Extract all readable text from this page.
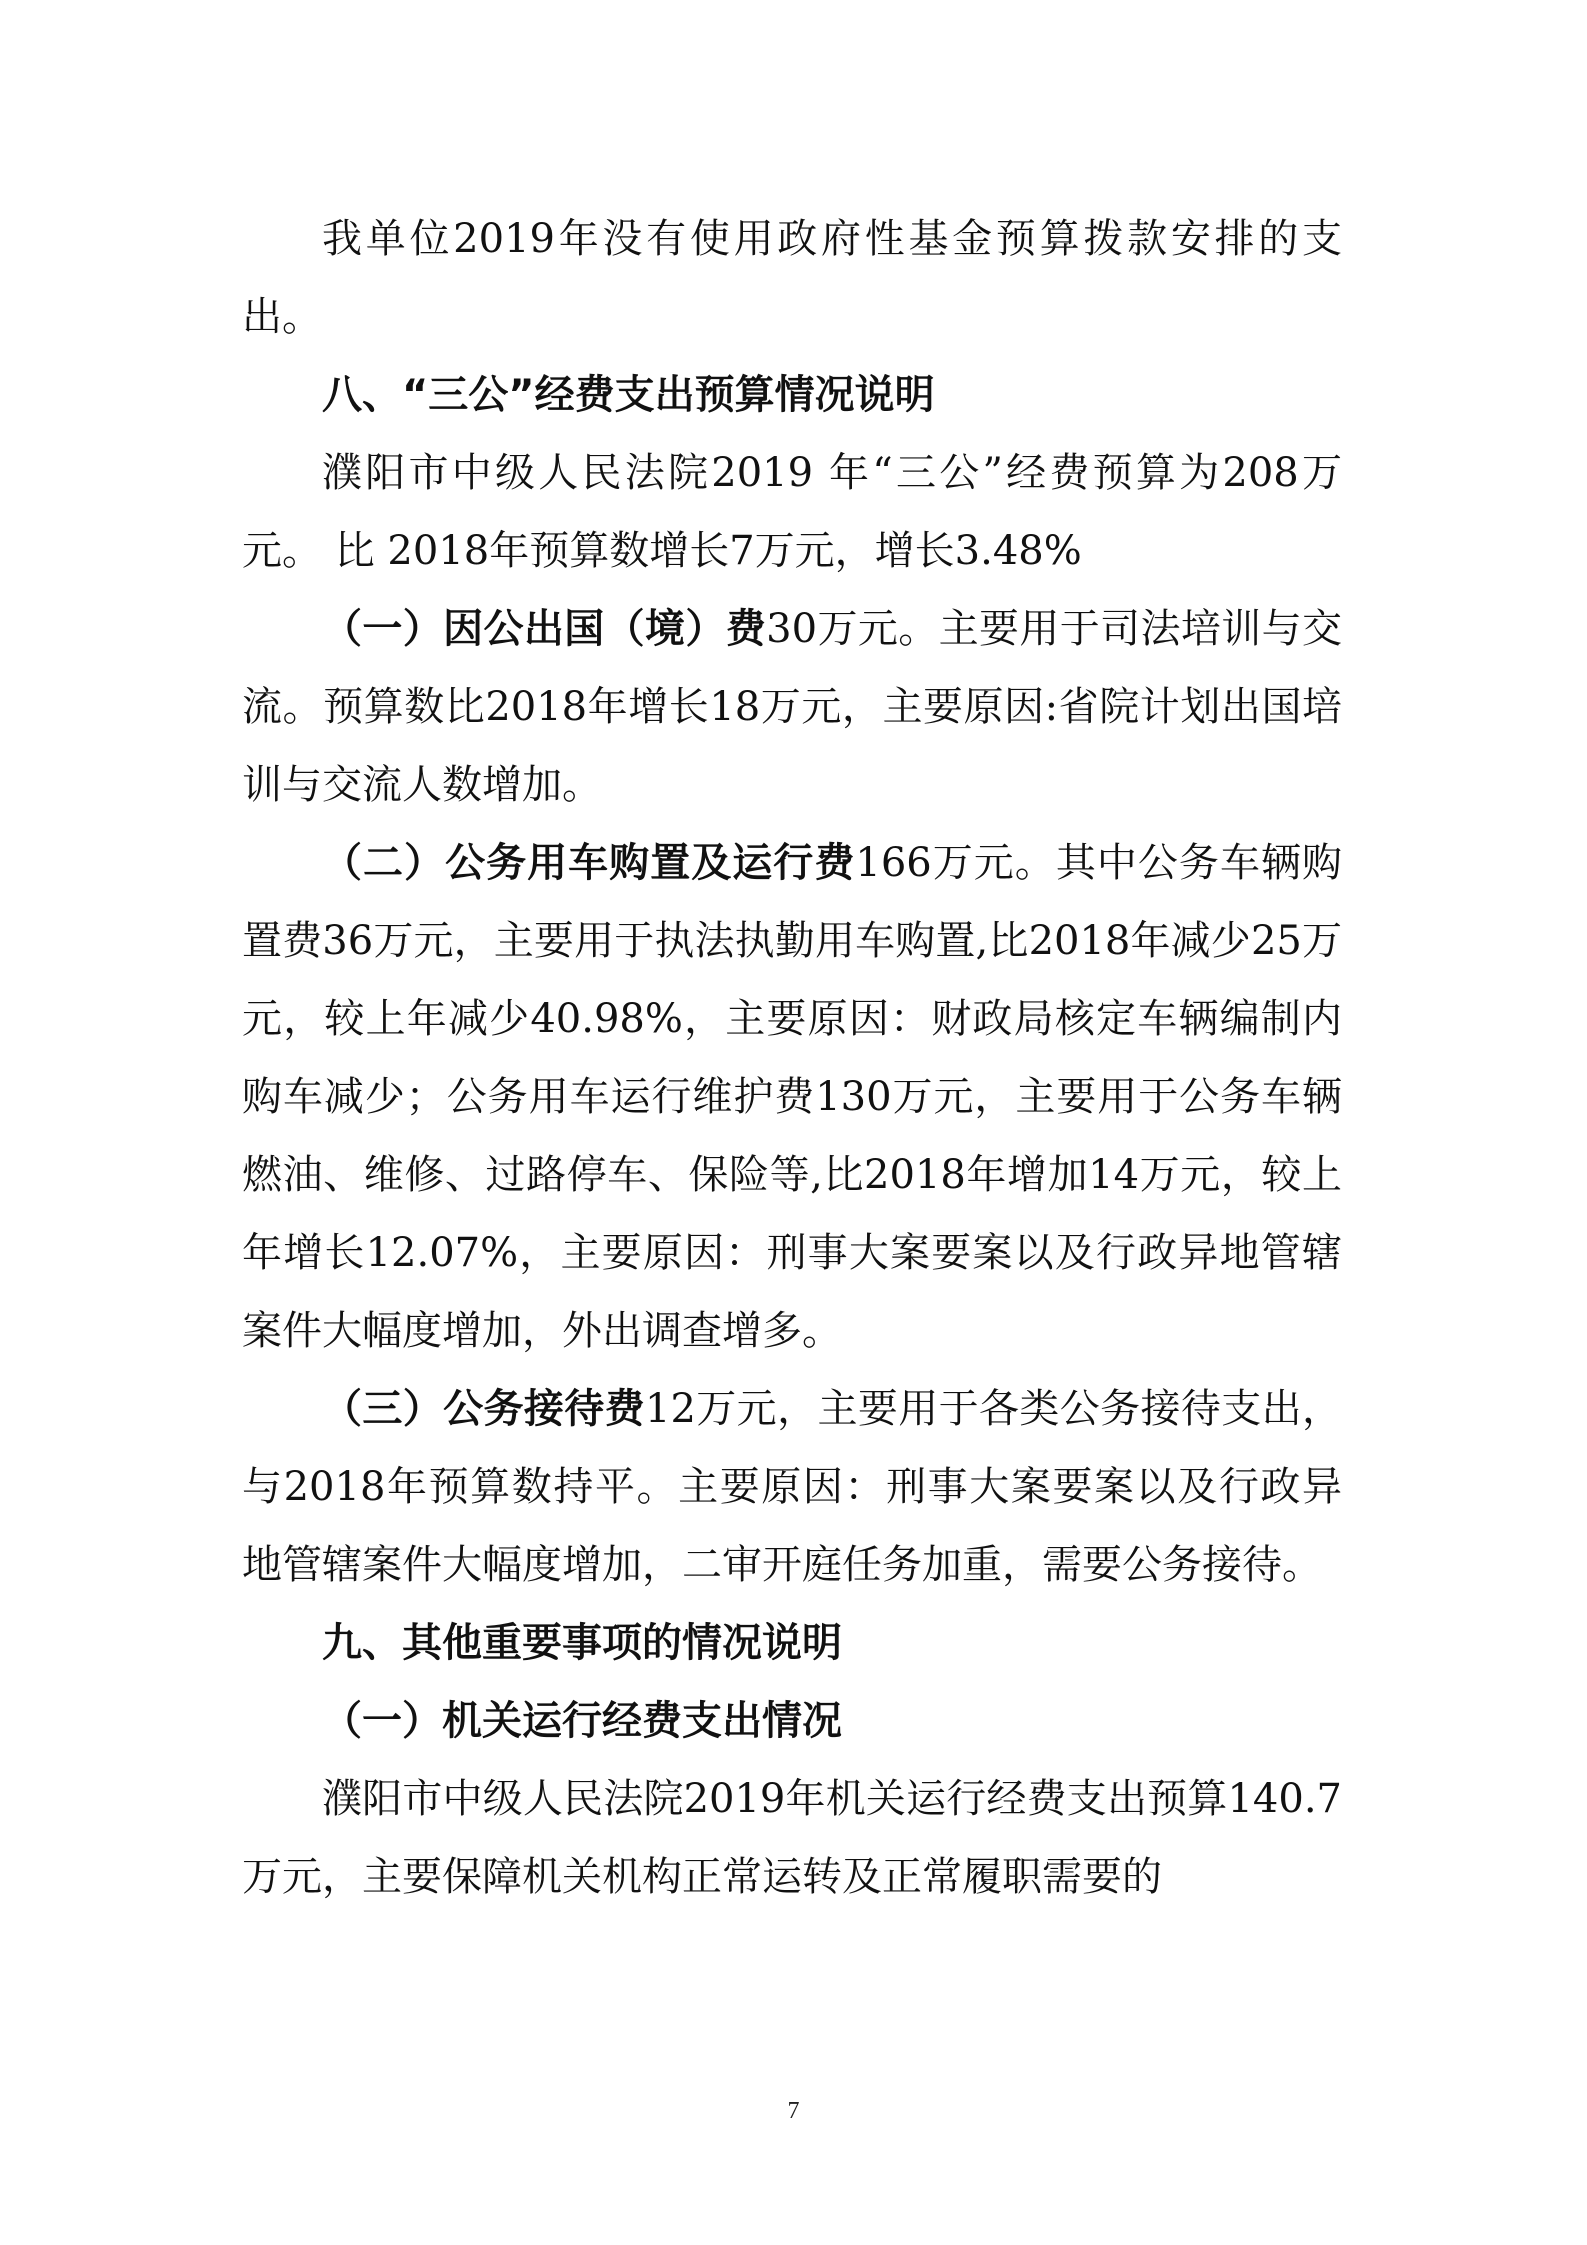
我单位2019年没有使用政府性基金预算拨款安排的支出。

八、“三公”经费支出预算情况说明

濮阳市中级人民法院2019 年“三公”经费预算为208万元。 比 2018年预算数增长7万元，增长3.48%

（一）因公出国（境）费30万元。主要用于司法培训与交流。预算数比2018年增长18万元，主要原因:省院计划出国培训与交流人数增加。

（二）公务用车购置及运行费166万元。其中公务车辆购置费36万元，主要用于执法执勤用车购置,比2018年减少25万元，较上年减少40.98%，主要原因：财政局核定车辆编制内购车减少；公务用车运行维护费130万元，主要用于公务车辆燃油、维修、过路停车、保险等,比2018年增加14万元，较上年增长12.07%，主要原因：刑事大案要案以及行政异地管辖案件大幅度增加，外出调查增多。

（三）公务接待费12万元，主要用于各类公务接待支出，与2018年预算数持平。主要原因：刑事大案要案以及行政异地管辖案件大幅度增加，二审开庭任务加重，需要公务接待。

九、其他重要事项的情况说明

（一）机关运行经费支出情况

濮阳市中级人民法院2019年机关运行经费支出预算140.7万元，主要保障机关机构正常运转及正常履职需要的

7
